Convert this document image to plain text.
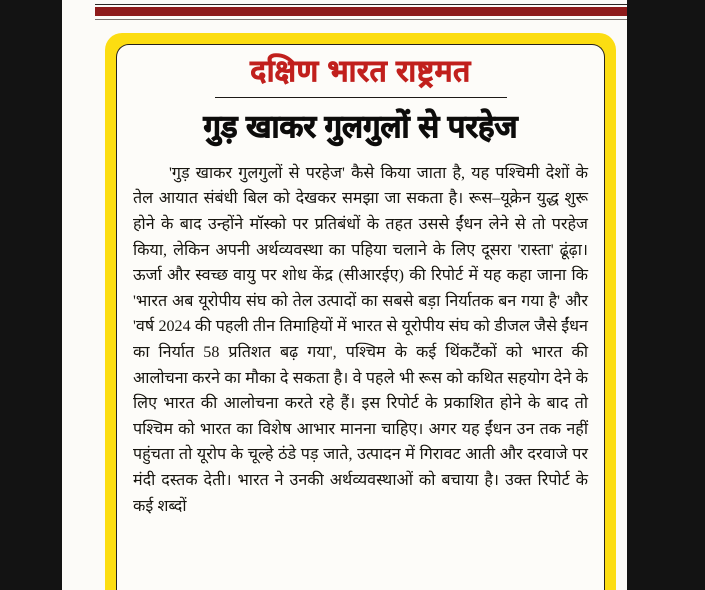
दक्षिण भारत राष्ट्रमत
गुड़ खाकर गुलगुलों से परहेज
'गुड़ खाकर गुलगुलों से परहेज' कैसे किया जाता है, यह पश्चिमी देशों के तेल आयात संबंधी बिल को देखकर समझा जा सकता है। रूस–यूक्रेन युद्ध शुरू होने के बाद उन्होंने मॉस्को पर प्रतिबंधों के तहत उससे ईंधन लेने से तो परहेज किया, लेकिन अपनी अर्थव्यवस्था का पहिया चलाने के लिए दूसरा 'रास्ता' ढूंढ़ा। ऊर्जा और स्वच्छ वायु पर शोध केंद्र (सीआरईए) की रिपोर्ट में यह कहा जाना कि 'भारत अब यूरोपीय संघ को तेल उत्पादों का सबसे बड़ा निर्यातक बन गया है' और 'वर्ष 2024 की पहली तीन तिमाहियों में भारत से यूरोपीय संघ को डीजल जैसे ईंधन का निर्यात 58 प्रतिशत बढ़ गया', पश्चिम के कई थिंकटैंकों को भारत की आलोचना करने का मौका दे सकता है। वे पहले भी रूस को कथित सहयोग देने के लिए भारत की आलोचना करते रहे हैं। इस रिपोर्ट के प्रकाशित होने के बाद तो पश्चिम को भारत का विशेष आभार मानना चाहिए। अगर यह ईंधन उन तक नहीं पहुंचता तो यूरोप के चूल्हे ठंडे पड़ जाते, उत्पादन में गिरावट आती और दरवाजे पर मंदी दस्तक देती। भारत ने उनकी अर्थव्यवस्थाओं को बचाया है। उक्त रिपोर्ट के कई शब्दों
